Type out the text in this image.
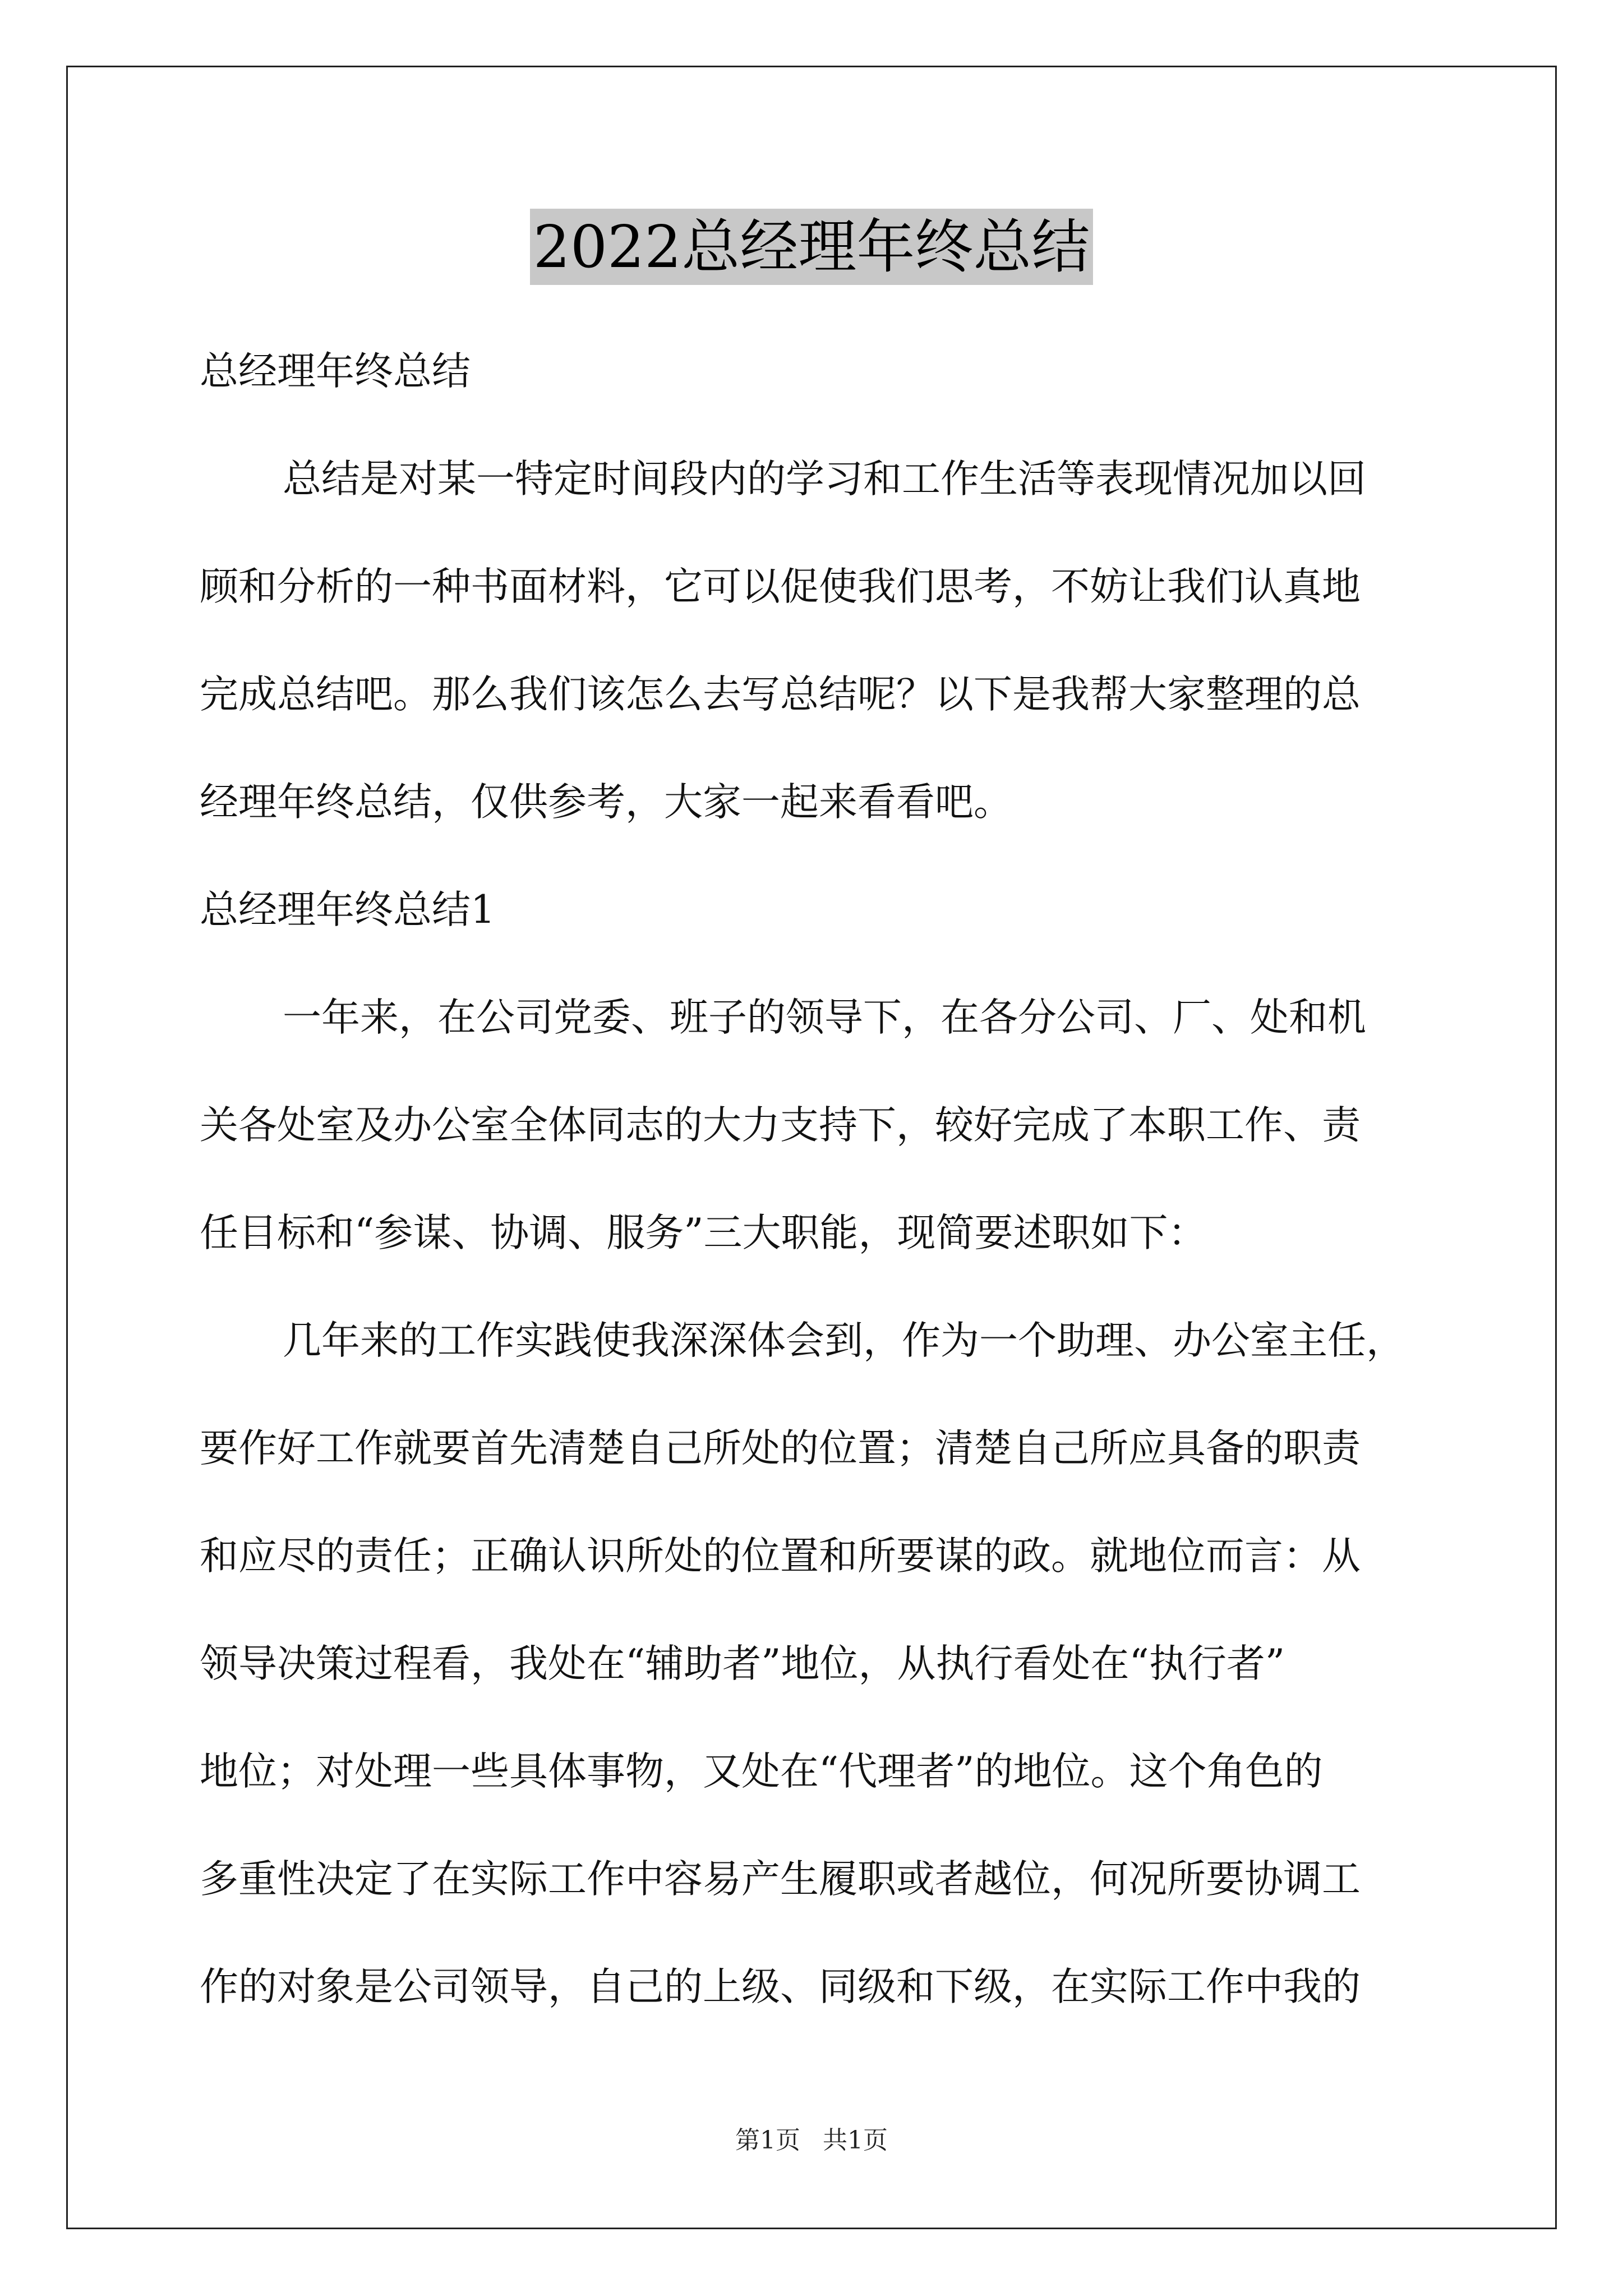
2022总经理年终总结

总经理年终总结

总结是对某一特定时间段内的学习和工作生活等表现情况加以回

顾和分析的一种书面材料，它可以促使我们思考，不妨让我们认真地

完成总结吧。那么我们该怎么去写总结呢？以下是我帮大家整理的总

经理年终总结，仅供参考，大家一起来看看吧。

总经理年终总结1

一年来，在公司党委、班子的领导下，在各分公司、厂、处和机

关各处室及办公室全体同志的大力支持下，较好完成了本职工作、责

任目标和“参谋、协调、服务”三大职能，现简要述职如下：

几年来的工作实践使我深深体会到，作为一个助理、办公室主任，

要作好工作就要首先清楚自己所处的位置；清楚自己所应具备的职责

和应尽的责任；正确认识所处的位置和所要谋的政。就地位而言：从

领导决策过程看，我处在“辅助者”地位，从执行看处在“执行者”

地位；对处理一些具体事物，又处在“代理者”的地位。这个角色的

多重性决定了在实际工作中容易产生履职或者越位，何况所要协调工

作的对象是公司领导，自己的上级、同级和下级，在实际工作中我的

第1页 共1页
